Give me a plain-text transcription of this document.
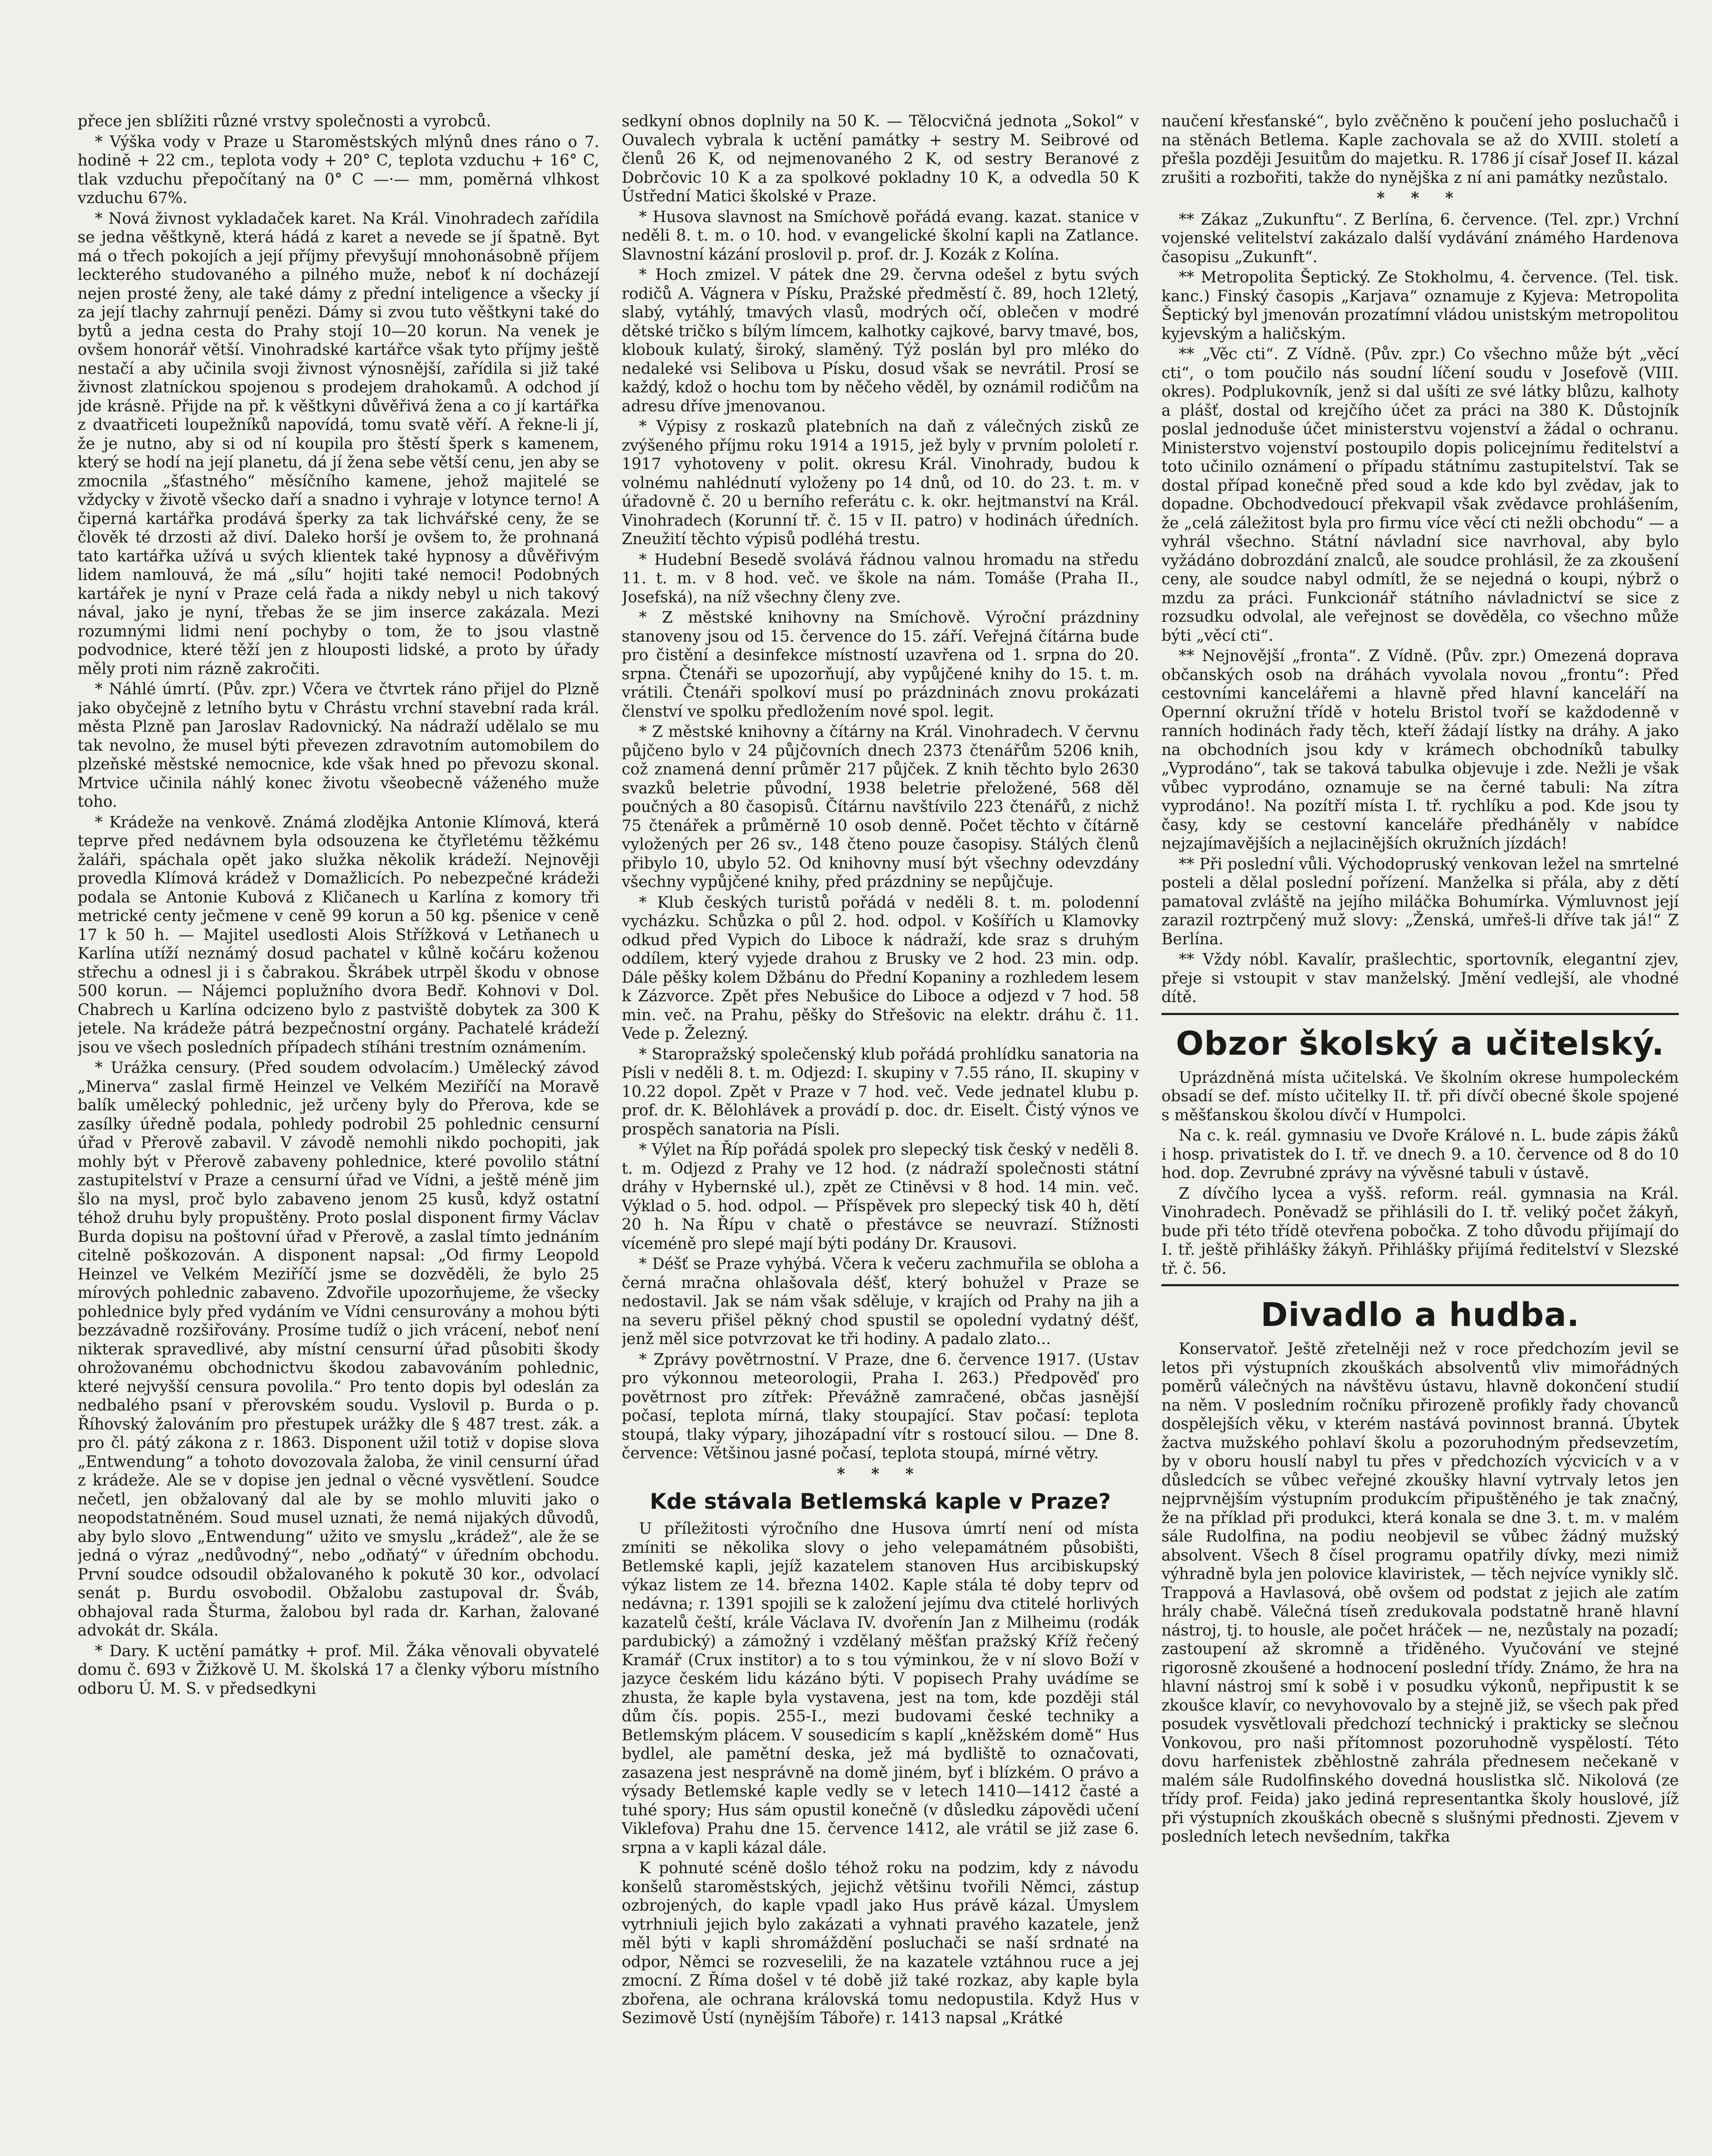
přece jen sblížiti různé vrstvy společnosti a vyrobců.

* Výška vody v Praze u Staroměstských mlýnů dnes ráno o 7. hodině + 22 cm., teplota vody + 20° C, teplota vzduchu + 16° C, tlak vzduchu přepočítaný na 0° C —·— mm, poměrná vlhkost vzduchu 67%.

* Nová živnost vykladaček karet. Na Král. Vinohradech zařídila se jedna věštkyně, která hádá z karet a nevede se jí špatně. Byt má o třech pokojích a její příjmy převyšují mnohonásobně příjem leckterého studovaného a pilného muže, neboť k ní docházejí nejen prosté ženy, ale také dámy z přední inteligence a všecky jí za její tlachy zahrnují penězi. Dámy si zvou tuto věštkyni také do bytů a jedna cesta do Prahy stojí 10—20 korun. Na venek je ovšem honorář větší. Vinohradské kartářce však tyto příjmy ještě nestačí a aby učinila svoji živnost výnosnější, zařídila si již také živnost zlatníckou spojenou s prodejem drahokamů. A odchod jí jde krásně. Přijde na př. k věštkyni důvěřivá žena a co jí kartářka z dvaatřiceti loupežníků napovídá, tomu svatě věří. A řekne-li jí, že je nutno, aby si od ní koupila pro štěstí šperk s kamenem, který se hodí na její planetu, dá jí žena sebe větší cenu, jen aby se zmocnila „šťastného“ měsíčního kamene, jehož majitelé se vždycky v životě všecko daří a snadno i vyhraje v lotynce terno! A čiperná kartářka prodává šperky za tak lichvářské ceny, že se člověk té drzosti až diví. Daleko horší je ovšem to, že prohnaná tato kartářka užívá u svých klientek také hypnosy a důvěřivým lidem namlouvá, že má „sílu“ hojiti také nemoci! Podobných kartářek je nyní v Praze celá řada a nikdy nebyl u nich takový nával, jako je nyní, třebas že se jim inserce zakázala. Mezi rozumnými lidmi není pochyby o tom, že to jsou vlastně podvodnice, které těží jen z hlouposti lidské, a proto by úřady měly proti nim rázně zakročiti.

* Náhlé úmrtí. (Pův. zpr.) Včera ve čtvrtek ráno přijel do Plzně jako obyčejně z letního bytu v Chrástu vrchní stavební rada král. města Plzně pan Jaroslav Radovnický. Na nádraží udělalo se mu tak nevolno, že musel býti převezen zdravotním automobilem do plzeňské městské nemocnice, kde však hned po převozu skonal. Mrtvice učinila náhlý konec životu všeobecně váženého muže toho.

* Krádeže na venkově. Známá zlodějka Antonie Klímová, která teprve před nedávnem byla odsouzena ke čtyřletému těžkému žaláři, spáchala opět jako služka několik krádeží. Nejnověji provedla Klímová krádež v Domažlicích. Po nebezpečné krádeži podala se Antonie Kubová z Kličanech u Karlína z komory tři metrické centy ječmene v ceně 99 korun a 50 kg. pšenice v ceně 17 k 50 h. — Majitel usedlosti Alois Střížková v Letňanech u Karlína utíží neznámý dosud pachatel v kůlně kočáru koženou střechu a odnesl ji i s čabrakou. Škrábek utrpěl škodu v obnose 500 korun. — Nájemci poplužního dvora Bedř. Kohnovi v Dol. Chabrech u Karlína odcizeno bylo z pastviště dobytek za 300 K jetele. Na krádeže pátrá bezpečnostní orgány. Pachatelé krádeží jsou ve všech posledních případech stíháni trestním oznámením.

* Urážka censury. (Před soudem odvolacím.) Umělecký závod „Minerva“ zaslal firmě Heinzel ve Velkém Meziříčí na Moravě balík umělecký pohlednic, jež určeny byly do Přerova, kde se zasílky úředně podala, pohledy podrobil 25 pohlednic censurní úřad v Přerově zabavil. V závodě nemohli nikdo pochopiti, jak mohly být v Přerově zabaveny pohlednice, které povolilo státní zastupitelství v Praze a censurní úřad ve Vídni, a ještě méně jim šlo na mysl, proč bylo zabaveno jenom 25 kusů, když ostatní téhož druhu byly propuštěny. Proto poslal disponent firmy Václav Burda dopisu na poštovní úřad v Přerově, a zaslal tímto jednáním citelně poškozován. A disponent napsal: „Od firmy Leopold Heinzel ve Velkém Meziříčí jsme se dozvěděli, že bylo 25 mírových pohlednic zabaveno. Zdvořile upozorňujeme, že všecky pohlednice byly před vydáním ve Vídni censurovány a mohou býti bezzávadně rozšiřovány. Prosíme tudíž o jich vrácení, neboť není nikterak spravedlivé, aby místní censurní úřad působiti škody ohrožovanému obchodnictvu škodou zabavováním pohlednic, které nejvyšší censura povolila.“ Pro tento dopis byl odeslán za nedbalého psaní v přerovském soudu. Vyslovil p. Burda o p. Říhovský žalováním pro přestupek urážky dle § 487 trest. zák. a pro čl. pátý zákona z r. 1863. Disponent užil totiž v dopise slova „Entwendung“ a tohoto dovozovala žaloba, že vinil censurní úřad z krádeže. Ale se v dopise jen jednal o věcné vysvětlení. Soudce nečetl, jen obžalovaný dal ale by se mohlo mluviti jako o neopodstatněném. Soud musel uznati, že nemá nijakých důvodů, aby bylo slovo „Entwendung“ užito ve smyslu „krádež“, ale že se jedná o výraz „nedůvodný“, nebo „odňatý“ v úředním obchodu. První soudce odsoudil obžalovaného k pokutě 30 kor., odvolací senát p. Burdu osvobodil. Obžalobu zastupoval dr. Šváb, obhajoval rada Šturma, žalobou byl rada dr. Karhan, žalované advokát dr. Skála.

* Dary. K uctění památky + prof. Mil. Žáka věnovali obyvatelé domu č. 693 v Žižkově U. M. školská 17 a členky výboru místního odboru Ú. M. S. v předsedkyni

sedkyní obnos doplnily na 50 K. — Tělocvičná jednota „Sokol“ v Ouvalech vybrala k uctění památky + sestry M. Seibrové od členů 26 K, od nejmenovaného 2 K, od sestry Beranové z Dobrčovic 10 K a za spolkové pokladny 10 K, a odvedla 50 K Ústřední Matici školské v Praze.

* Husova slavnost na Smíchově pořádá evang. kazat. stanice v neděli 8. t. m. o 10. hod. v evangelické školní kapli na Zatlance. Slavnostní kázání proslovil p. prof. dr. J. Kozák z Kolína.

* Hoch zmizel. V pátek dne 29. června odešel z bytu svých rodičů A. Vágnera v Písku, Pražské předměstí č. 89, hoch 12letý, slabý, vytáhlý, tmavých vlasů, modrých očí, oblečen v modré dětské tričko s bílým límcem, kalhotky cajkové, barvy tmavé, bos, klobouk kulatý, široký, slaměný. Týž poslán byl pro mléko do nedaleké vsi Selibova u Písku, dosud však se nevrátil. Prosí se každý, kdož o hochu tom by něčeho věděl, by oznámil rodičům na adresu dříve jmenovanou.

* Výpisy z roskazů platebních na daň z válečných zisků ze zvýšeného příjmu roku 1914 a 1915, jež byly v prvním pololetí r. 1917 vyhotoveny v polit. okresu Král. Vinohrady, budou k volnému nahlédnutí vyloženy po 14 dnů, od 10. do 23. t. m. v úřadovně č. 20 u berního referátu c. k. okr. hejtmanství na Král. Vinohradech (Korunní tř. č. 15 v II. patro) v hodinách úředních. Zneužití těchto výpisů podléhá trestu.

* Hudební Besedě svolává řádnou valnou hromadu na středu 11. t. m. v 8 hod. več. ve škole na nám. Tomáše (Praha II., Josefská), na níž všechny členy zve.

* Z městské knihovny na Smíchově. Výroční prázdniny stanoveny jsou od 15. července do 15. září. Veřejná čítárna bude pro čistění a desinfekce místností uzavřena od 1. srpna do 20. srpna. Čtenáři se upozorňují, aby vypůjčené knihy do 15. t. m. vrátili. Čtenáři spolkoví musí po prázdninách znovu prokázati členství ve spolku předložením nové spol. legit.

* Z městské knihovny a čítárny na Král. Vinohradech. V červnu půjčeno bylo v 24 půjčovních dnech 2373 čtenářům 5206 knih, což znamená denní průměr 217 půjček. Z knih těchto bylo 2630 svazků beletrie původní, 1938 beletrie přeložené, 568 děl poučných a 80 časopisů. Čítárnu navštívilo 223 čtenářů, z nichž 75 čtenářek a průměrně 10 osob denně. Počet těchto v čítárně vyložených per 26 sv., 148 čteno pouze časopisy. Stálých členů přibylo 10, ubylo 52. Od knihovny musí být všechny odevzdány všechny vypůjčené knihy, před prázdniny se nepůjčuje.

* Klub českých turistů pořádá v neděli 8. t. m. polodenní vycházku. Schůzka o půl 2. hod. odpol. v Košířích u Klamovky odkud před Vypich do Liboce k nádraží, kde sraz s druhým oddílem, který vyjede drahou z Brusky ve 2 hod. 23 min. odp. Dále pěšky kolem Džbánu do Přední Kopaniny a rozhledem lesem k Zázvorce. Zpět přes Nebušice do Liboce a odjezd v 7 hod. 58 min. več. na Prahu, pěšky do Střešovic na elektr. dráhu č. 11. Vede p. Železný.

* Staropražský společenský klub pořádá prohlídku sanatoria na Písli v neděli 8. t. m. Odjezd: I. skupiny v 7.55 ráno, II. skupiny v 10.22 dopol. Zpět v Praze v 7 hod. več. Vede jednatel klubu p. prof. dr. K. Bělohlávek a provádí p. doc. dr. Eiselt. Čistý výnos ve prospěch sanatoria na Písli.

* Výlet na Říp pořádá spolek pro slepecký tisk český v neděli 8. t. m. Odjezd z Prahy ve 12 hod. (z nádraží společnosti státní dráhy v Hybernské ul.), zpět ze Ctiněvsi v 8 hod. 14 min. več. Výklad o 5. hod. odpol. — Příspěvek pro slepecký tisk 40 h, dětí 20 h. Na Řípu v chatě o přestávce se neuvrazí. Stížnosti víceméně pro slepé mají býti podány Dr. Krausovi.

* Déšť se Praze vyhýbá. Včera k večeru zachmuřila se obloha a černá mračna ohlašovala déšť, který bohužel v Praze se nedostavil. Jak se nám však sděluje, v krajích od Prahy na jih a na severu přišel pěkný chod spustil se opolední vydatný déšť, jenž měl sice potvrzovat ke tři hodiny. A padalo zlato...

* Zprávy povětrnostní. V Praze, dne 6. července 1917. (Ustav pro výkonnou meteorologii, Praha I. 263.) Předpověď pro povětrnost pro zítřek: Převážně zamračené, občas jasnější počasí, teplota mírná, tlaky stoupající. Stav počasí: teplota stoupá, tlaky výpary, jihozápadní vítr s rostoucí silou. — Dne 8. července: Většinou jasné počasí, teplota stoupá, mírné větry.

* * *
Kde stávala Betlemská kaple v Praze?

U příležitosti výročního dne Husova úmrtí není od místa zmíniti se několika slovy o jeho velepamátném působišti, Betlemské kapli, jejíž kazatelem stanoven Hus arcibiskupský výkaz listem ze 14. března 1402. Kaple stála té doby teprv od nedávna; r. 1391 spojili se k založení jejímu dva ctitelé horlivých kazatelů čeští, krále Václava IV. dvořenín Jan z Milheimu (rodák pardubický) a zámožný i vzdělaný měšťan pražský Kříž řečený Kramář (Crux institor) a to s tou výminkou, že v ní slovo Boží v jazyce českém lidu kázáno býti. V popisech Prahy uvádíme se zhusta, že kaple byla vystavena, jest na tom, kde později stál dům čís. popis. 255-I., mezi budovami české techniky a Betlemským plácem. V sousedicím s kaplí „kněžském domě“ Hus bydlel, ale pamětní deska, jež má bydliště to označovati, zasazena jest nesprávně na domě jiném, byť i blízkém. O právo a výsady Betlemské kaple vedly se v letech 1410—1412 časté a tuhé spory; Hus sám opustil konečně (v důsledku zápovědi učení Viklefova) Prahu dne 15. července 1412, ale vrátil se již zase 6. srpna a v kapli kázal dále.

K pohnuté scéně došlo téhož roku na podzim, kdy z návodu konšelů staroměstských, jejichž většinu tvořili Němci, zástup ozbrojených, do kaple vpadl jako Hus právě kázal. Úmyslem vytrhniuli jejich bylo zakázati a vyhnati pravého kazatele, jenž měl býti v kapli shromáždění posluchači se naší srdnaté na odpor, Němci se rozveselili, že na kazatele vztáhnou ruce a jej zmocní. Z Říma došel v té době již také rozkaz, aby kaple byla zbořena, ale ochrana královská tomu nedopustila. Když Hus v Sezimově Ústí (nynějším Táboře) r. 1413 napsal „Krátké

naučení křesťanské“, bylo zvěčněno k poučení jeho posluchačů i na stěnách Betlema. Kaple zachovala se až do XVIII. století a přešla později Jesuitům do majetku. R. 1786 jí císař Josef II. kázal zrušiti a rozbořiti, takže do nynějška z ní ani památky nezůstalo.

* * *

** Zákaz „Zukunftu“. Z Berlína, 6. července. (Tel. zpr.) Vrchní vojenské velitelství zakázalo další vydávání známého Hardenova časopisu „Zukunft“.

** Metropolita Šeptický. Ze Stokholmu, 4. července. (Tel. tisk. kanc.) Finský časopis „Karjava“ oznamuje z Kyjeva: Metropolita Šeptický byl jmenován prozatímní vládou unistským metropolitou kyjevským a haličským.

** „Věc cti“. Z Vídně. (Pův. zpr.) Co všechno může být „věcí cti“, o tom poučilo nás soudní líčení soudu v Josefově (VIII. okres). Podplukovník, jenž si dal ušíti ze své látky blůzu, kalhoty a plášť, dostal od krejčího účet za práci na 380 K. Důstojník poslal jednoduše účet ministerstvu vojenství a žádal o ochranu. Ministerstvo vojenství postoupilo dopis policejnímu ředitelství a toto učinilo oznámení o případu státnímu zastupitelství. Tak se dostal případ konečně před soud a kde kdo byl zvědav, jak to dopadne. Obchodvedoucí překvapil však zvědavce prohlášením, že „celá záležitost byla pro firmu více věcí cti nežli obchodu“ — a vyhrál všechno. Státní návladní sice navrhoval, aby bylo vyžádáno dobrozdání znalců, ale soudce prohlásil, že za zkoušení ceny, ale soudce nabyl odmítl, že se nejedná o koupi, nýbrž o mzdu za práci. Funkcionář státního návladnictví se sice z rozsudku odvolal, ale veřejnost se dověděla, co všechno může býti „věcí cti“.

** Nejnovější „fronta“. Z Vídně. (Pův. zpr.) Omezená doprava občanských osob na dráhách vyvolala novou „frontu“: Před cestovními kancelářemi a hlavně před hlavní kanceláří na Opernní okružní třídě v hotelu Bristol tvoří se každodenně v ranních hodinách řady těch, kteří žádají lístky na dráhy. A jako na obchodních jsou kdy v krámech obchodníků tabulky „Vyprodáno“, tak se taková tabulka objevuje i zde. Nežli je však vůbec vyprodáno, oznamuje se na černé tabuli: Na zítra vyprodáno!. Na pozítří místa I. tř. rychlíku a pod. Kde jsou ty časy, kdy se cestovní kanceláře předháněly v nabídce nejzajímavějších a nejlacinějších okružních jízdách!

** Při poslední vůli. Východopruský venkovan ležel na smrtelné posteli a dělal poslední pořízení. Manželka si přála, aby z dětí pamatoval zvláště na jejího miláčka Bohumírka. Výmluvnost její zarazil roztrpčený muž slovy: „Ženská, umřeš-li dříve tak já!“ Z Berlína.

** Vždy nóbl. Kavalír, prašlechtic, sportovník, elegantní zjev, přeje si vstoupit v stav manželský. Jmění vedlejší, ale vhodné dítě.

Obzor školský a učitelský.

Uprázdněná místa učitelská. Ve školním okrese humpoleckém obsadí se def. místo učitelky II. tř. při dívčí obecné škole spojené s měšťanskou školou dívčí v Humpolci.

Na c. k. reál. gymnasiu ve Dvoře Králové n. L. bude zápis žáků i hosp. privatistek do I. tř. ve dnech 9. a 10. července od 8 do 10 hod. dop. Zevrubné zprávy na vývěsné tabuli v ústavě.

Z dívčího lycea a vyšš. reform. reál. gymnasia na Král. Vinohradech. Poněvadž se přihlásili do I. tř. veliký počet žákyň, bude při této třídě otevřena pobočka. Z toho důvodu přijímají do I. tř. ještě přihlášky žákyň. Přihlášky přijímá ředitelství v Slezské tř. č. 56.

Divadlo a hudba.

Konservatoř. Ještě zřetelněji než v roce předchozím jevil se letos při výstupních zkouškách absolventů vliv mimořádných poměrů válečných na návštěvu ústavu, hlavně dokončení studií na něm. V posledním ročníku přirozeně profikly řady chovanců dospělejších věku, v kterém nastává povinnost branná. Úbytek žactva mužského pohlaví školu a pozoruhodným předsevzetím, by v oboru houslí nabyl tu přes v předchozích výcvicích v a v důsledcích se vůbec veřejné zkoušky hlavní vytrvaly letos jen nejprvnějším výstupním produkcím připuštěného je tak značný, že na příklad při produkci, která konala se dne 3. t. m. v malém sále Rudolfina, na podiu neobjevil se vůbec žádný mužský absolvent. Všech 8 čísel programu opatřily dívky, mezi nimiž výhradně byla jen polovice klaviristek, — těch nejvíce vynikly slč. Trappová a Havlasová, obě ovšem od podstat z jejich ale zatím hrály chabě. Válečná tíseň zredukovala podstatně hraně hlavní nástroj, tj. to housle, ale počet hráček — ne, nezůstaly na pozadí; zastoupení až skromně a třiděného. Vyučování ve stejné rigorosně zkoušené a hodnocení poslední třídy. Známo, že hra na hlavní nástroj smí k sobě i v posudku výkonů, nepřipustit k se zkoušce klavír, co nevyhovovalo by a stejně již, se všech pak před posudek vysvětlovali předchozí technický i prakticky se slečnou Vonkovou, pro naši přítomnost pozoruhodně vyspělostí. Této dovu harfenistek zběhlostně zahrála přednesem nečekaně v malém sále Rudolfinského dovedná houslistka slč. Nikolová (ze třídy prof. Feida) jako jediná representantka školy houslové, jíž při výstupních zkouškách obecně s slušnými přednosti. Zjevem v posledních letech nevšedním, takřka
